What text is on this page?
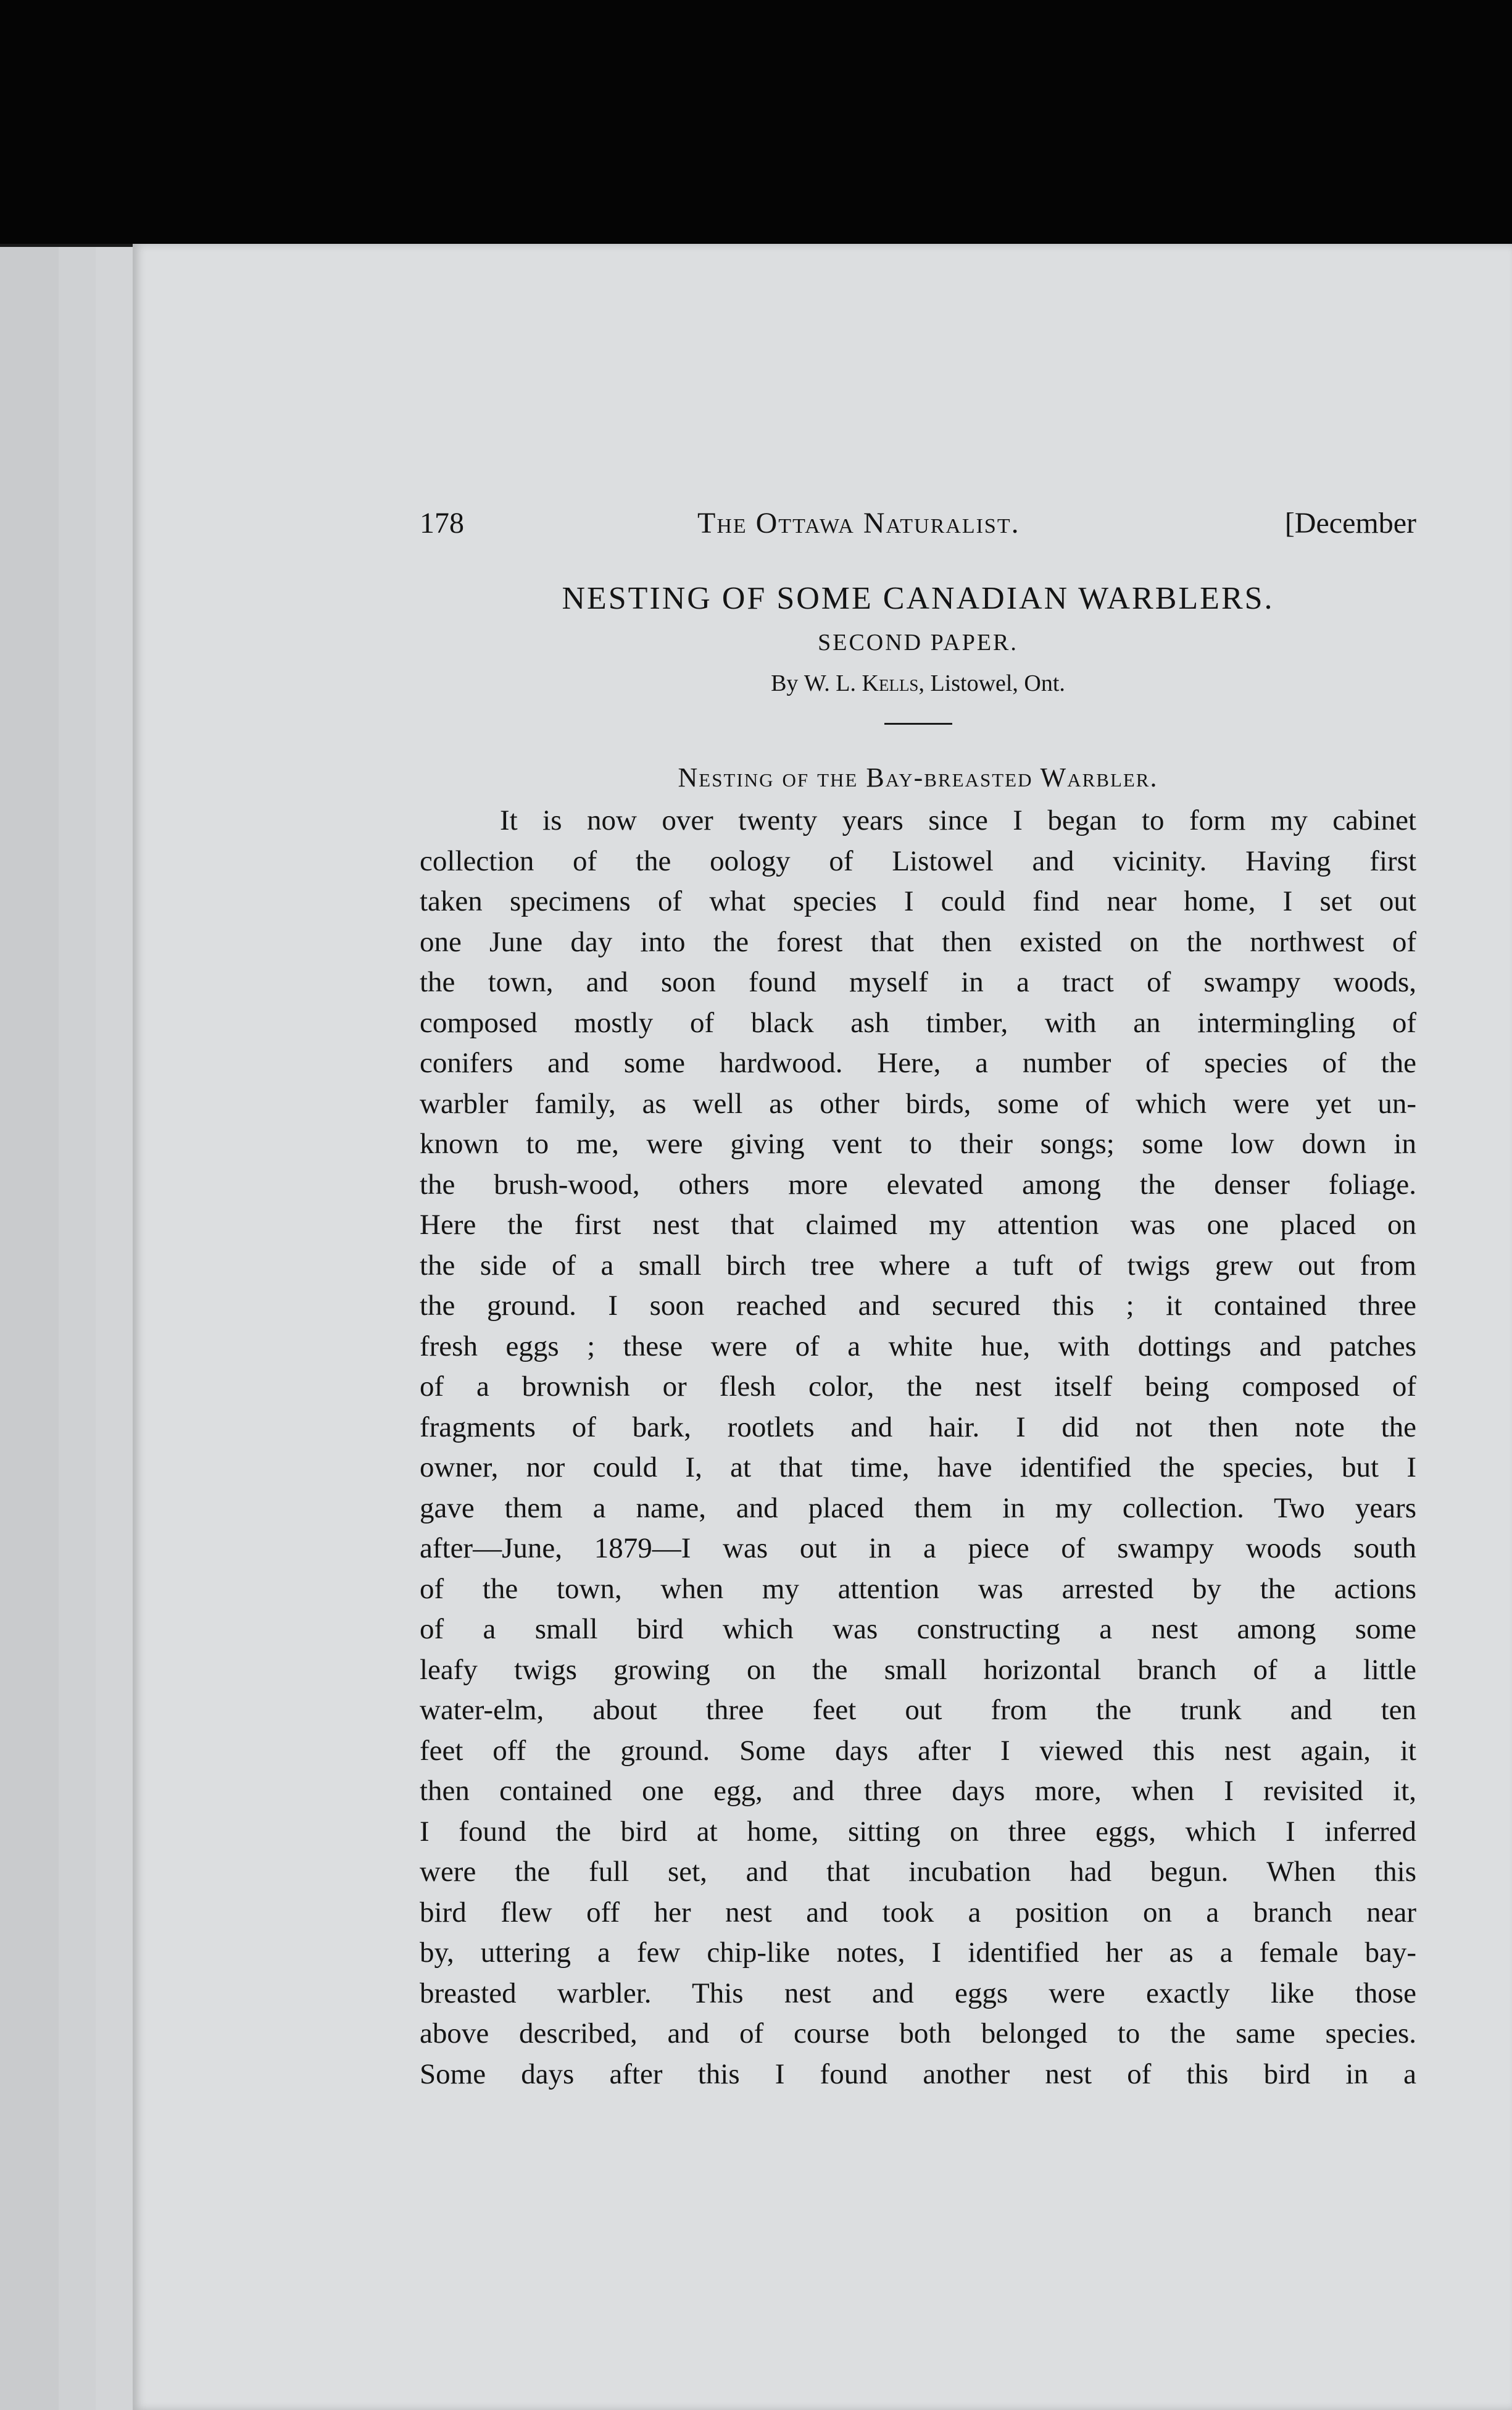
178	The Ottawa Naturalist.	[December
NESTING OF SOME CANADIAN WARBLERS.
SECOND PAPER.
By W. L. Kells, Listowel, Ont.
Nesting of the Bay-breasted Warbler.
It is now over twenty years since I began to form my cabinet
collection of the oology of Listowel and vicinity. Having first
taken specimens of what species I could find near home, I set out
one June day into the forest that then existed on the northwest of
the town, and soon found myself in a tract of swampy woods,
composed mostly of black ash timber, with an intermingling of
conifers and some hardwood. Here, a number of species of the
warbler family, as well as other birds, some of which were yet un-
known to me, were giving vent to their songs; some low down in
the brush-wood, others more elevated among the denser foliage.
Here the first nest that claimed my attention was one placed on
the side of a small birch tree where a tuft of twigs grew out from
the ground. I soon reached and secured this ; it contained three
fresh eggs ; these were of a white hue, with dottings and patches
of a brownish or flesh color, the nest itself being composed of
fragments of bark, rootlets and hair. I did not then note the
owner, nor could I, at that time, have identified the species, but I
gave them a name, and placed them in my collection. Two years
after—June, 1879—I was out in a piece of swampy woods south
of the town, when my attention was arrested by the actions
of a small bird which was constructing a nest among some
leafy twigs growing on the small horizontal branch of a little
water-elm, about three feet out from the trunk and ten
feet off the ground. Some days after I viewed this nest again, it
then contained one egg, and three days more, when I revisited it,
I found the bird at home, sitting on three eggs, which I inferred
were the full set, and that incubation had begun. When this
bird flew off her nest and took a position on a branch near
by, uttering a few chip-like notes, I identified her as a female bay-
breasted warbler. This nest and eggs were exactly like those
above described, and of course both belonged to the same species.
Some days after this I found another nest of this bird in a
